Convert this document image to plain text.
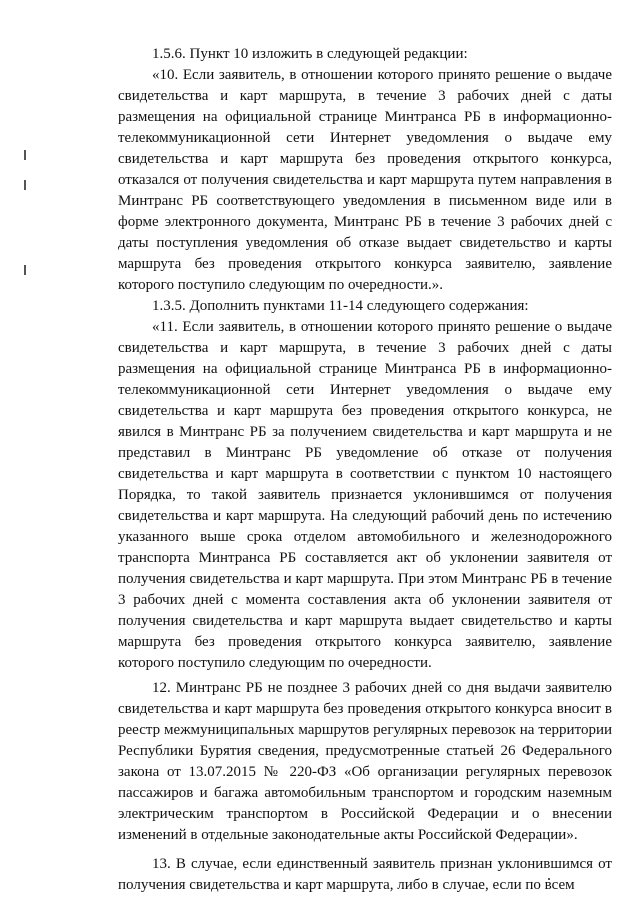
1.5.6. Пункт 10 изложить в следующей редакции:

«10. Если заявитель, в отношении которого принято решение о выдаче свидетельства и карт маршрута, в течение 3 рабочих дней с даты размещения на официальной странице Минтранса РБ в информационно-телекоммуникационной сети Интернет уведомления о выдаче ему свидетельства и карт маршрута без проведения открытого конкурса, отказался от получения свидетельства и карт маршрута путем направления в Минтранс РБ соответствующего уведомления в письменном виде или в форме электронного документа, Минтранс РБ в течение 3 рабочих дней с даты поступления уведомления об отказе выдает свидетельство и карты маршрута без проведения открытого конкурса заявителю, заявление которого поступило следующим по очередности.».

1.3.5. Дополнить пунктами 11-14 следующего содержания:

«11. Если заявитель, в отношении которого принято решение о выдаче свидетельства и карт маршрута, в течение 3 рабочих дней с даты размещения на официальной странице Минтранса РБ в информационно-телекоммуникационной сети Интернет уведомления о выдаче ему свидетельства и карт маршрута без проведения открытого конкурса, не явился в Минтранс РБ за получением свидетельства и карт маршрута и не представил в Минтранс РБ уведомление об отказе от получения свидетельства и карт маршрута в соответствии с пунктом 10 настоящего Порядка, то такой заявитель признается уклонившимся от получения свидетельства и карт маршрута. На следующий рабочий день по истечению указанного выше срока отделом автомобильного и железнодорожного транспорта Минтранса РБ составляется акт об уклонении заявителя от получения свидетельства и карт маршрута. При этом Минтранс РБ в течение 3 рабочих дней с момента составления акта об уклонении заявителя от получения свидетельства и карт маршрута выдает свидетельство и карты маршрута без проведения открытого конкурса заявителю, заявление которого поступило следующим по очередности.

12. Минтранс РБ не позднее 3 рабочих дней со дня выдачи заявителю свидетельства и карт маршрута без проведения открытого конкурса вносит в реестр межмуниципальных маршрутов регулярных перевозок на территории Республики Бурятия сведения, предусмотренные статьей 26 Федерального закона от 13.07.2015 № 220-ФЗ «Об организации регулярных перевозок пассажиров и багажа автомобильным транспортом и городским наземным электрическим транспортом в Российской Федерации и о внесении изменений в отдельные законодательные акты Российской Федерации».

13. В случае, если единственный заявитель признан уклонившимся от получения свидетельства и карт маршрута, либо в случае, если по всем
